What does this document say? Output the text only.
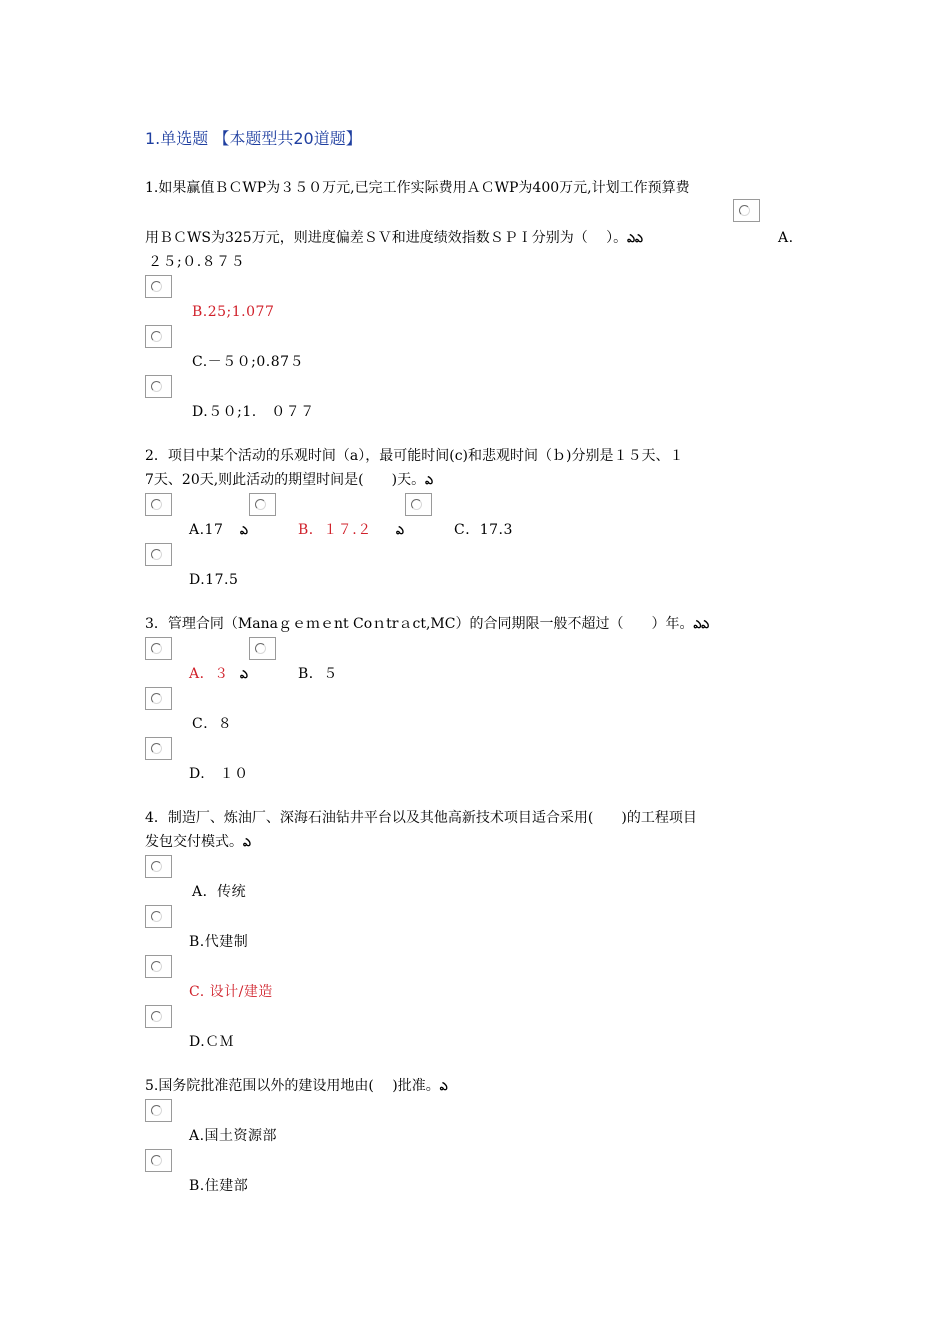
1.单选题 【本题型共20道题】
1.如果赢值ＢＣWP为３５０万元,已完工作实际费用ＡＣWP为400万元,计划工作预算费
用ＢＣWS为325万元，则进度偏差ＳＶ和进度绩效指数ＳＰＩ分别为（　 ）。ఎఎ	A.
２５;０.８７５
B.25;1.077
C.－５０;0.87５
D.５０;1.　０７７
2．项目中某个活动的乐观时间（a），最可能时间(c)和悲观时间（ｂ)分别是１５天、１
7天、20天,则此活动的期望时间是(　　)天。ఎ
A.17 ఎ	B．１７.２ ఎ	C．17.3
D.17.5
3．管理合同（Manaｇｅｍｅnt Coｎtrａct,MC）的合同期限一般不超过（　　）年。ఎఎ
A．３ ఎ	B．５
C．８
D.　１０
4．制造厂、炼油厂、深海石油钻井平台以及其他高新技术项目适合采用(　　)的工程项目
发包交付模式。ఎ
A．传统
B.代建制
C. 设计/建造
D.ＣＭ
5.国务院批准范围以外的建设用地由(　 )批准。ఎ
A.国土资源部
B.住建部
